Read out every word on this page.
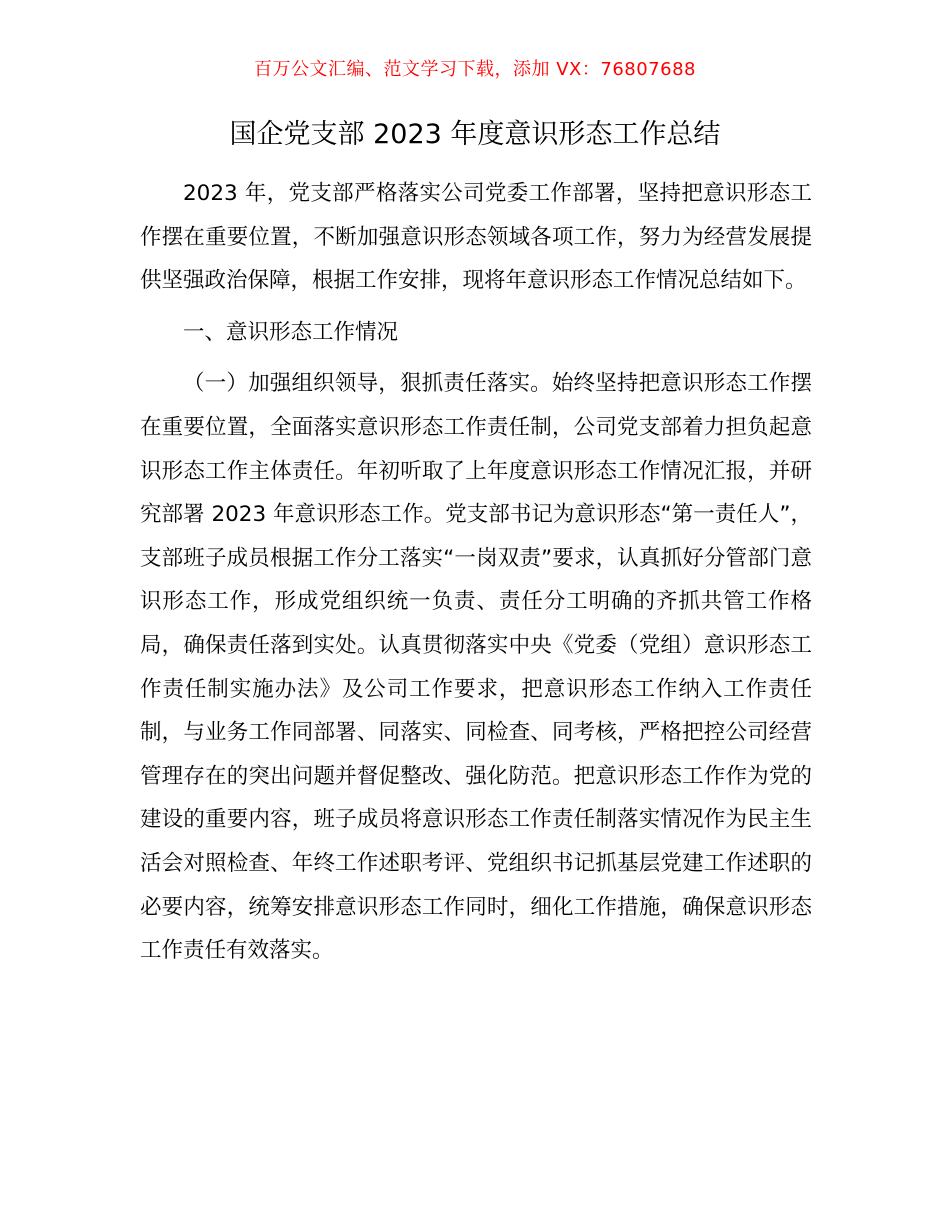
百万公文汇编、范文学习下载，添加 VX：76807688
国企党支部 2023 年度意识形态工作总结

2023 年，党支部严格落实公司党委工作部署，坚持把意识形态工作摆在重要位置，不断加强意识形态领域各项工作，努力为经营发展提供坚强政治保障，根据工作安排，现将年意识形态工作情况总结如下。

一、意识形态工作情况

（一）加强组织领导，狠抓责任落实。始终坚持把意识形态工作摆在重要位置，全面落实意识形态工作责任制，公司党支部着力担负起意识形态工作主体责任。年初听取了上年度意识形态工作情况汇报，并研究部署 2023 年意识形态工作。党支部书记为意识形态“第一责任人”，支部班子成员根据工作分工落实“一岗双责”要求，认真抓好分管部门意识形态工作，形成党组织统一负责、责任分工明确的齐抓共管工作格局，确保责任落到实处。认真贯彻落实中央《党委（党组）意识形态工作责任制实施办法》及公司工作要求，把意识形态工作纳入工作责任制，与业务工作同部署、同落实、同检查、同考核，严格把控公司经营管理存在的突出问题并督促整改、强化防范。把意识形态工作作为党的建设的重要内容，班子成员将意识形态工作责任制落实情况作为民主生活会对照检查、年终工作述职考评、党组织书记抓基层党建工作述职的必要内容，统筹安排意识形态工作同时，细化工作措施，确保意识形态工作责任有效落实。
